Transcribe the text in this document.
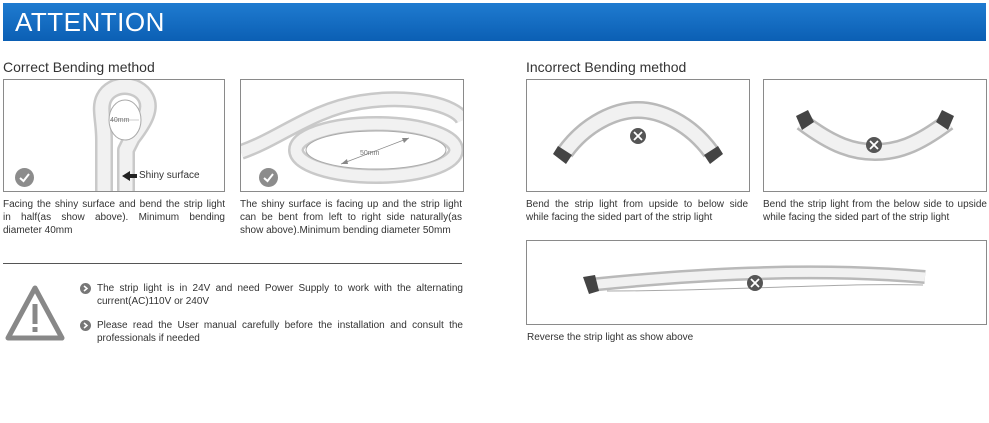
ATTENTION
Correct Bending method	Incorrect Bending method
40mm
Shiny surface
Facing the shiny surface and bend the strip light in half(as show above). Minimum bending diameter 40mm
50mm
The shiny surface is facing up and the strip light can be bent from left to right side naturally(as show above).Minimum bending diameter 50mm
Bend the strip light from upside to below side while facing the sided part of the strip light
Bend the strip light from the below side to upside while facing the sided part of the strip light
Reverse the strip light as show above
The strip light is in 24V and need Power Supply to work with the alternating current(AC)110V or 240V
Please read the User manual carefully before the installation and consult the professionals if needed
